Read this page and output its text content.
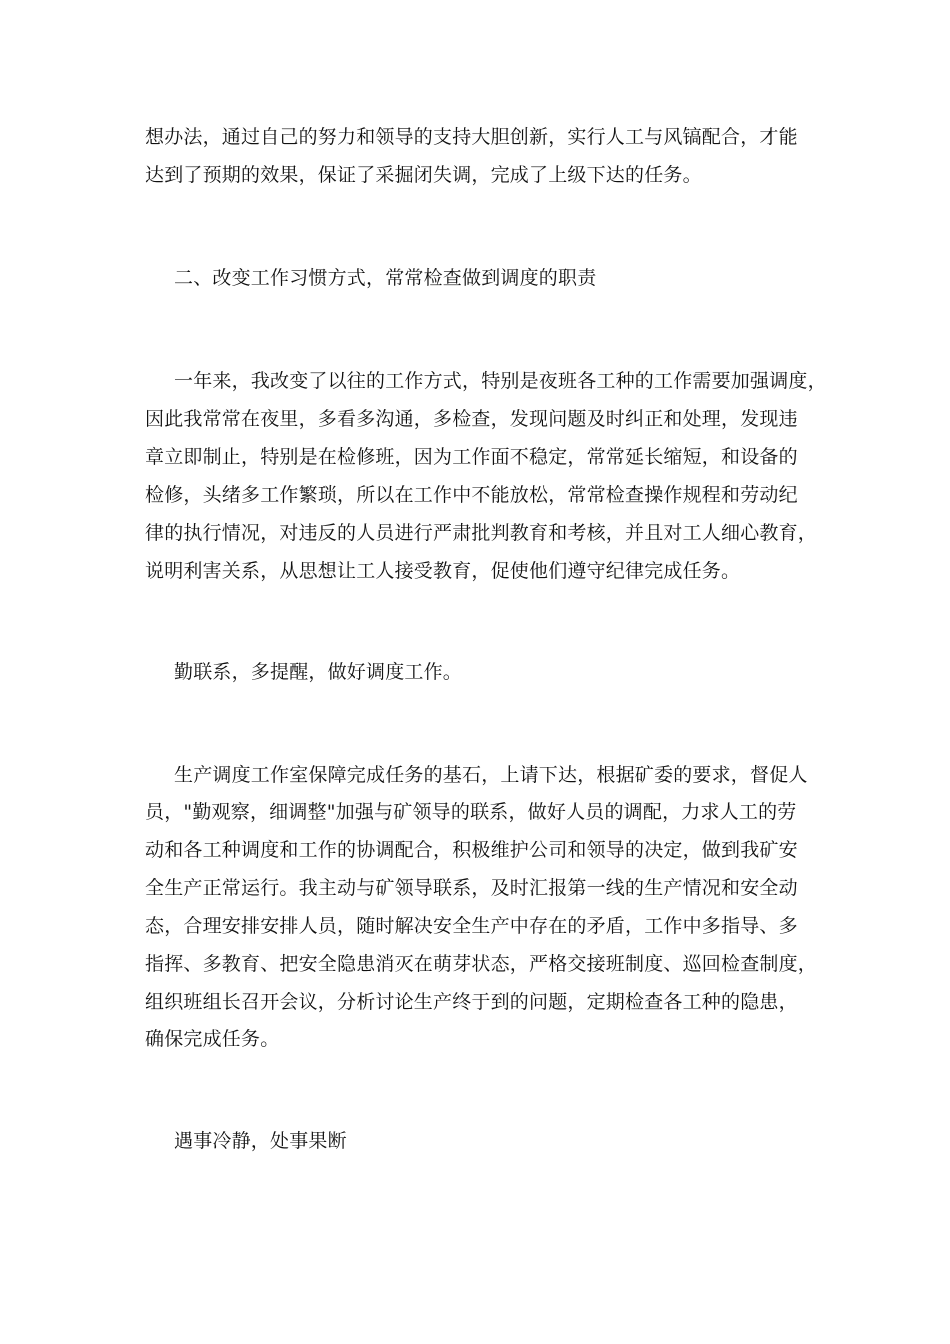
想办法，通过自己的努力和领导的支持大胆创新，实行人工与风镐配合，才能
达到了预期的效果，保证了采掘闭失调，完成了上级下达的任务。
二、改变工作习惯方式，常常检查做到调度的职责
一年来，我改变了以往的工作方式，特别是夜班各工种的工作需要加强调度，
因此我常常在夜里，多看多沟通，多检查，发现问题及时纠正和处理，发现违
章立即制止，特别是在检修班，因为工作面不稳定，常常延长缩短，和设备的
检修，头绪多工作繁琐，所以在工作中不能放松，常常检查操作规程和劳动纪
律的执行情况，对违反的人员进行严肃批判教育和考核，并且对工人细心教育，
说明利害关系，从思想让工人接受教育，促使他们遵守纪律完成任务。
勤联系，多提醒，做好调度工作。
生产调度工作室保障完成任务的基石，上请下达，根据矿委的要求，督促人
员，"勤观察，细调整"加强与矿领导的联系，做好人员的调配，力求人工的劳
动和各工种调度和工作的协调配合，积极维护公司和领导的决定，做到我矿安
全生产正常运行。我主动与矿领导联系，及时汇报第一线的生产情况和安全动
态，合理安排安排人员，随时解决安全生产中存在的矛盾，工作中多指导、多
指挥、多教育、把安全隐患消灭在萌芽状态，严格交接班制度、巡回检查制度，
组织班组长召开会议，分析讨论生产终于到的问题，定期检查各工种的隐患，
确保完成任务。
遇事冷静，处事果断
